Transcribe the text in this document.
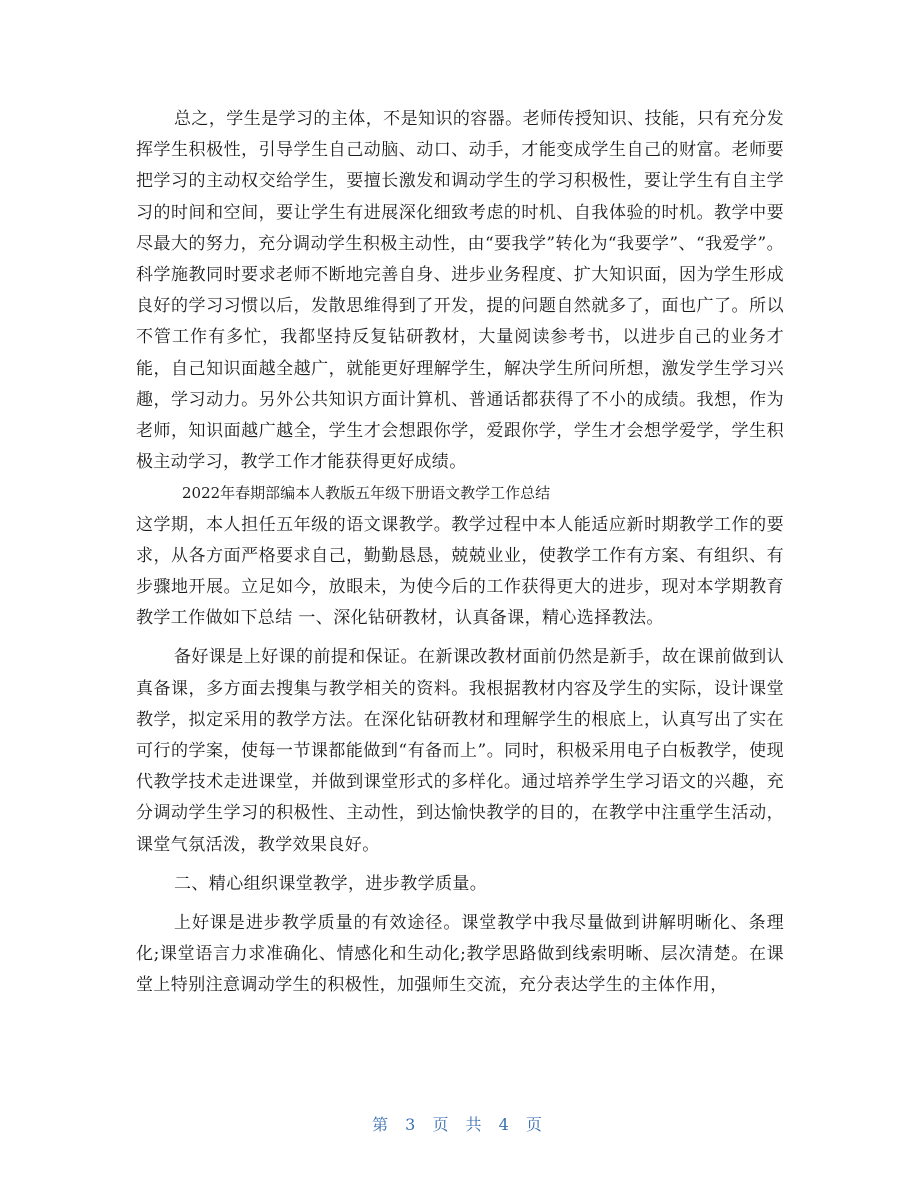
总之，学生是学习的主体，不是知识的容器。老师传授知识、技能，只有充分发挥学生积极性，引导学生自己动脑、动口、动手，才能变成学生自己的财富。老师要把学习的主动权交给学生，要擅长激发和调动学生的学习积极性，要让学生有自主学习的时间和空间，要让学生有进展深化细致考虑的时机、自我体验的时机。教学中要尽最大的努力，充分调动学生积极主动性，由“要我学”转化为“我要学”、“我爱学”。科学施教同时要求老师不断地完善自身、进步业务程度、扩大知识面，因为学生形成良好的学习习惯以后，发散思维得到了开发，提的问题自然就多了，面也广了。所以不管工作有多忙，我都坚持反复钻研教材，大量阅读参考书，以进步自己的业务才能，自己知识面越全越广，就能更好理解学生，解决学生所问所想，激发学生学习兴趣，学习动力。另外公共知识方面计算机、普通话都获得了不小的成绩。我想，作为老师，知识面越广越全，学生才会想跟你学，爱跟你学，学生才会想学爱学，学生积极主动学习，教学工作才能获得更好成绩。

2022年春期部编本人教版五年级下册语文教学工作总结

这学期，本人担任五年级的语文课教学。教学过程中本人能适应新时期教学工作的要求，从各方面严格要求自己，勤勤恳恳，兢兢业业，使教学工作有方案、有组织、有步骤地开展。立足如今，放眼未，为使今后的工作获得更大的进步，现对本学期教育教学工作做如下总结 一、深化钻研教材，认真备课，精心选择教法。

备好课是上好课的前提和保证。在新课改教材面前仍然是新手，故在课前做到认真备课，多方面去搜集与教学相关的资料。我根据教材内容及学生的实际，设计课堂教学，拟定采用的教学方法。在深化钻研教材和理解学生的根底上，认真写出了实在可行的学案，使每一节课都能做到“有备而上”。同时，积极采用电子白板教学，使现代教学技术走进课堂，并做到课堂形式的多样化。通过培养学生学习语文的兴趣，充分调动学生学习的积极性、主动性，到达愉快教学的目的，在教学中注重学生活动，课堂气氛活泼，教学效果良好。

二、精心组织课堂教学，进步教学质量。

上好课是进步教学质量的有效途径。课堂教学中我尽量做到讲解明晰化、条理化;课堂语言力求准确化、情感化和生动化;教学思路做到线索明晰、层次清楚。在课堂上特别注意调动学生的积极性，加强师生交流，充分表达学生的主体作用，

第 3 页 共 4 页
